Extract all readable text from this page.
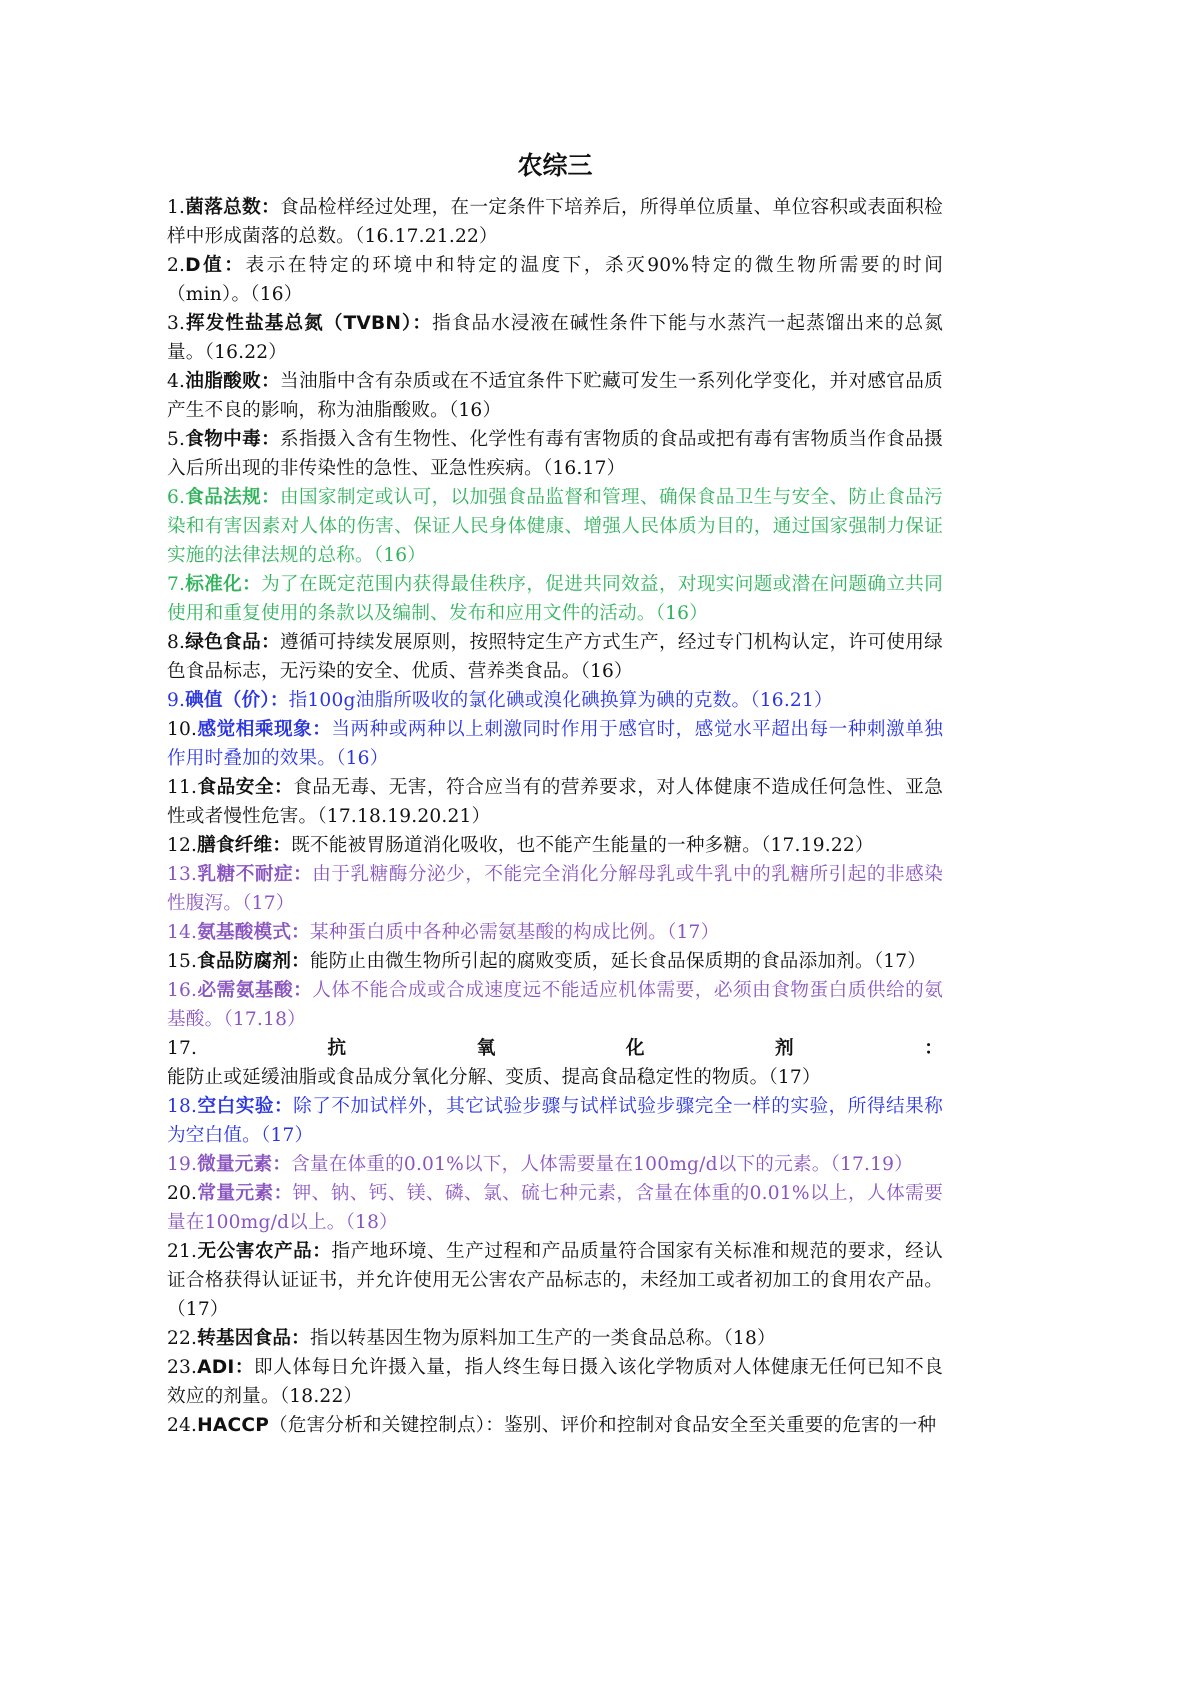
农综三

1.菌落总数：食品检样经过处理，在一定条件下培养后，所得单位质量、单位容积或表面积检样中形成菌落的总数。（16.17.21.22）

2.D值：表示在特定的环境中和特定的温度下，杀灭90%特定的微生物所需要的时间（min）。（16）

3.挥发性盐基总氮（TVBN）：指食品水浸液在碱性条件下能与水蒸汽一起蒸馏出来的总氮量。（16.22）

4.油脂酸败：当油脂中含有杂质或在不适宜条件下贮藏可发生一系列化学变化，并对感官品质产生不良的影响，称为油脂酸败。（16）

5.食物中毒：系指摄入含有生物性、化学性有毒有害物质的食品或把有毒有害物质当作食品摄入后所出现的非传染性的急性、亚急性疾病。（16.17）

6.食品法规：由国家制定或认可，以加强食品监督和管理、确保食品卫生与安全、防止食品污染和有害因素对人体的伤害、保证人民身体健康、增强人民体质为目的，通过国家强制力保证实施的法律法规的总称。（16）

7.标准化：为了在既定范围内获得最佳秩序，促进共同效益，对现实问题或潜在问题确立共同使用和重复使用的条款以及编制、发布和应用文件的活动。（16）

8.绿色食品：遵循可持续发展原则，按照特定生产方式生产，经过专门机构认定，许可使用绿色食品标志，无污染的安全、优质、营养类食品。（16）

9.碘值（价）：指100g油脂所吸收的氯化碘或溴化碘换算为碘的克数。（16.21）

10.感觉相乘现象：当两种或两种以上刺激同时作用于感官时，感觉水平超出每一种刺激单独作用时叠加的效果。（16）

11.食品安全：食品无毒、无害，符合应当有的营养要求，对人体健康不造成任何急性、亚急性或者慢性危害。（17.18.19.20.21）

12.膳食纤维：既不能被胃肠道消化吸收，也不能产生能量的一种多糖。（17.19.22）

13.乳糖不耐症：由于乳糖酶分泌少，不能完全消化分解母乳或牛乳中的乳糖所引起的非感染性腹泻。（17）

14.氨基酸模式：某种蛋白质中各种必需氨基酸的构成比例。（17）

15.食品防腐剂：能防止由微生物所引起的腐败变质，延长食品保质期的食品添加剂。（17）

16.必需氨基酸：人体不能合成或合成速度远不能适应机体需要，必须由食物蛋白质供给的氨基酸。（17.18）

17.抗氧化剂：能防止或延缓油脂或食品成分氧化分解、变质、提高食品稳定性的物质。（17）

18.空白实验：除了不加试样外，其它试验步骤与试样试验步骤完全一样的实验，所得结果称为空白值。（17）

19.微量元素：含量在体重的0.01%以下，人体需要量在100mg/d以下的元素。（17.19）

20.常量元素：钾、钠、钙、镁、磷、氯、硫七种元素，含量在体重的0.01%以上，人体需要量在100mg/d以上。（18）

21.无公害农产品：指产地环境、生产过程和产品质量符合国家有关标准和规范的要求，经认证合格获得认证证书，并允许使用无公害农产品标志的，未经加工或者初加工的食用农产品。（17）

22.转基因食品：指以转基因生物为原料加工生产的一类食品总称。（18）

23.ADI：即人体每日允许摄入量，指人终生每日摄入该化学物质对人体健康无任何已知不良效应的剂量。（18.22）

24.HACCP（危害分析和关键控制点）：鉴别、评价和控制对食品安全至关重要的危害的一种
